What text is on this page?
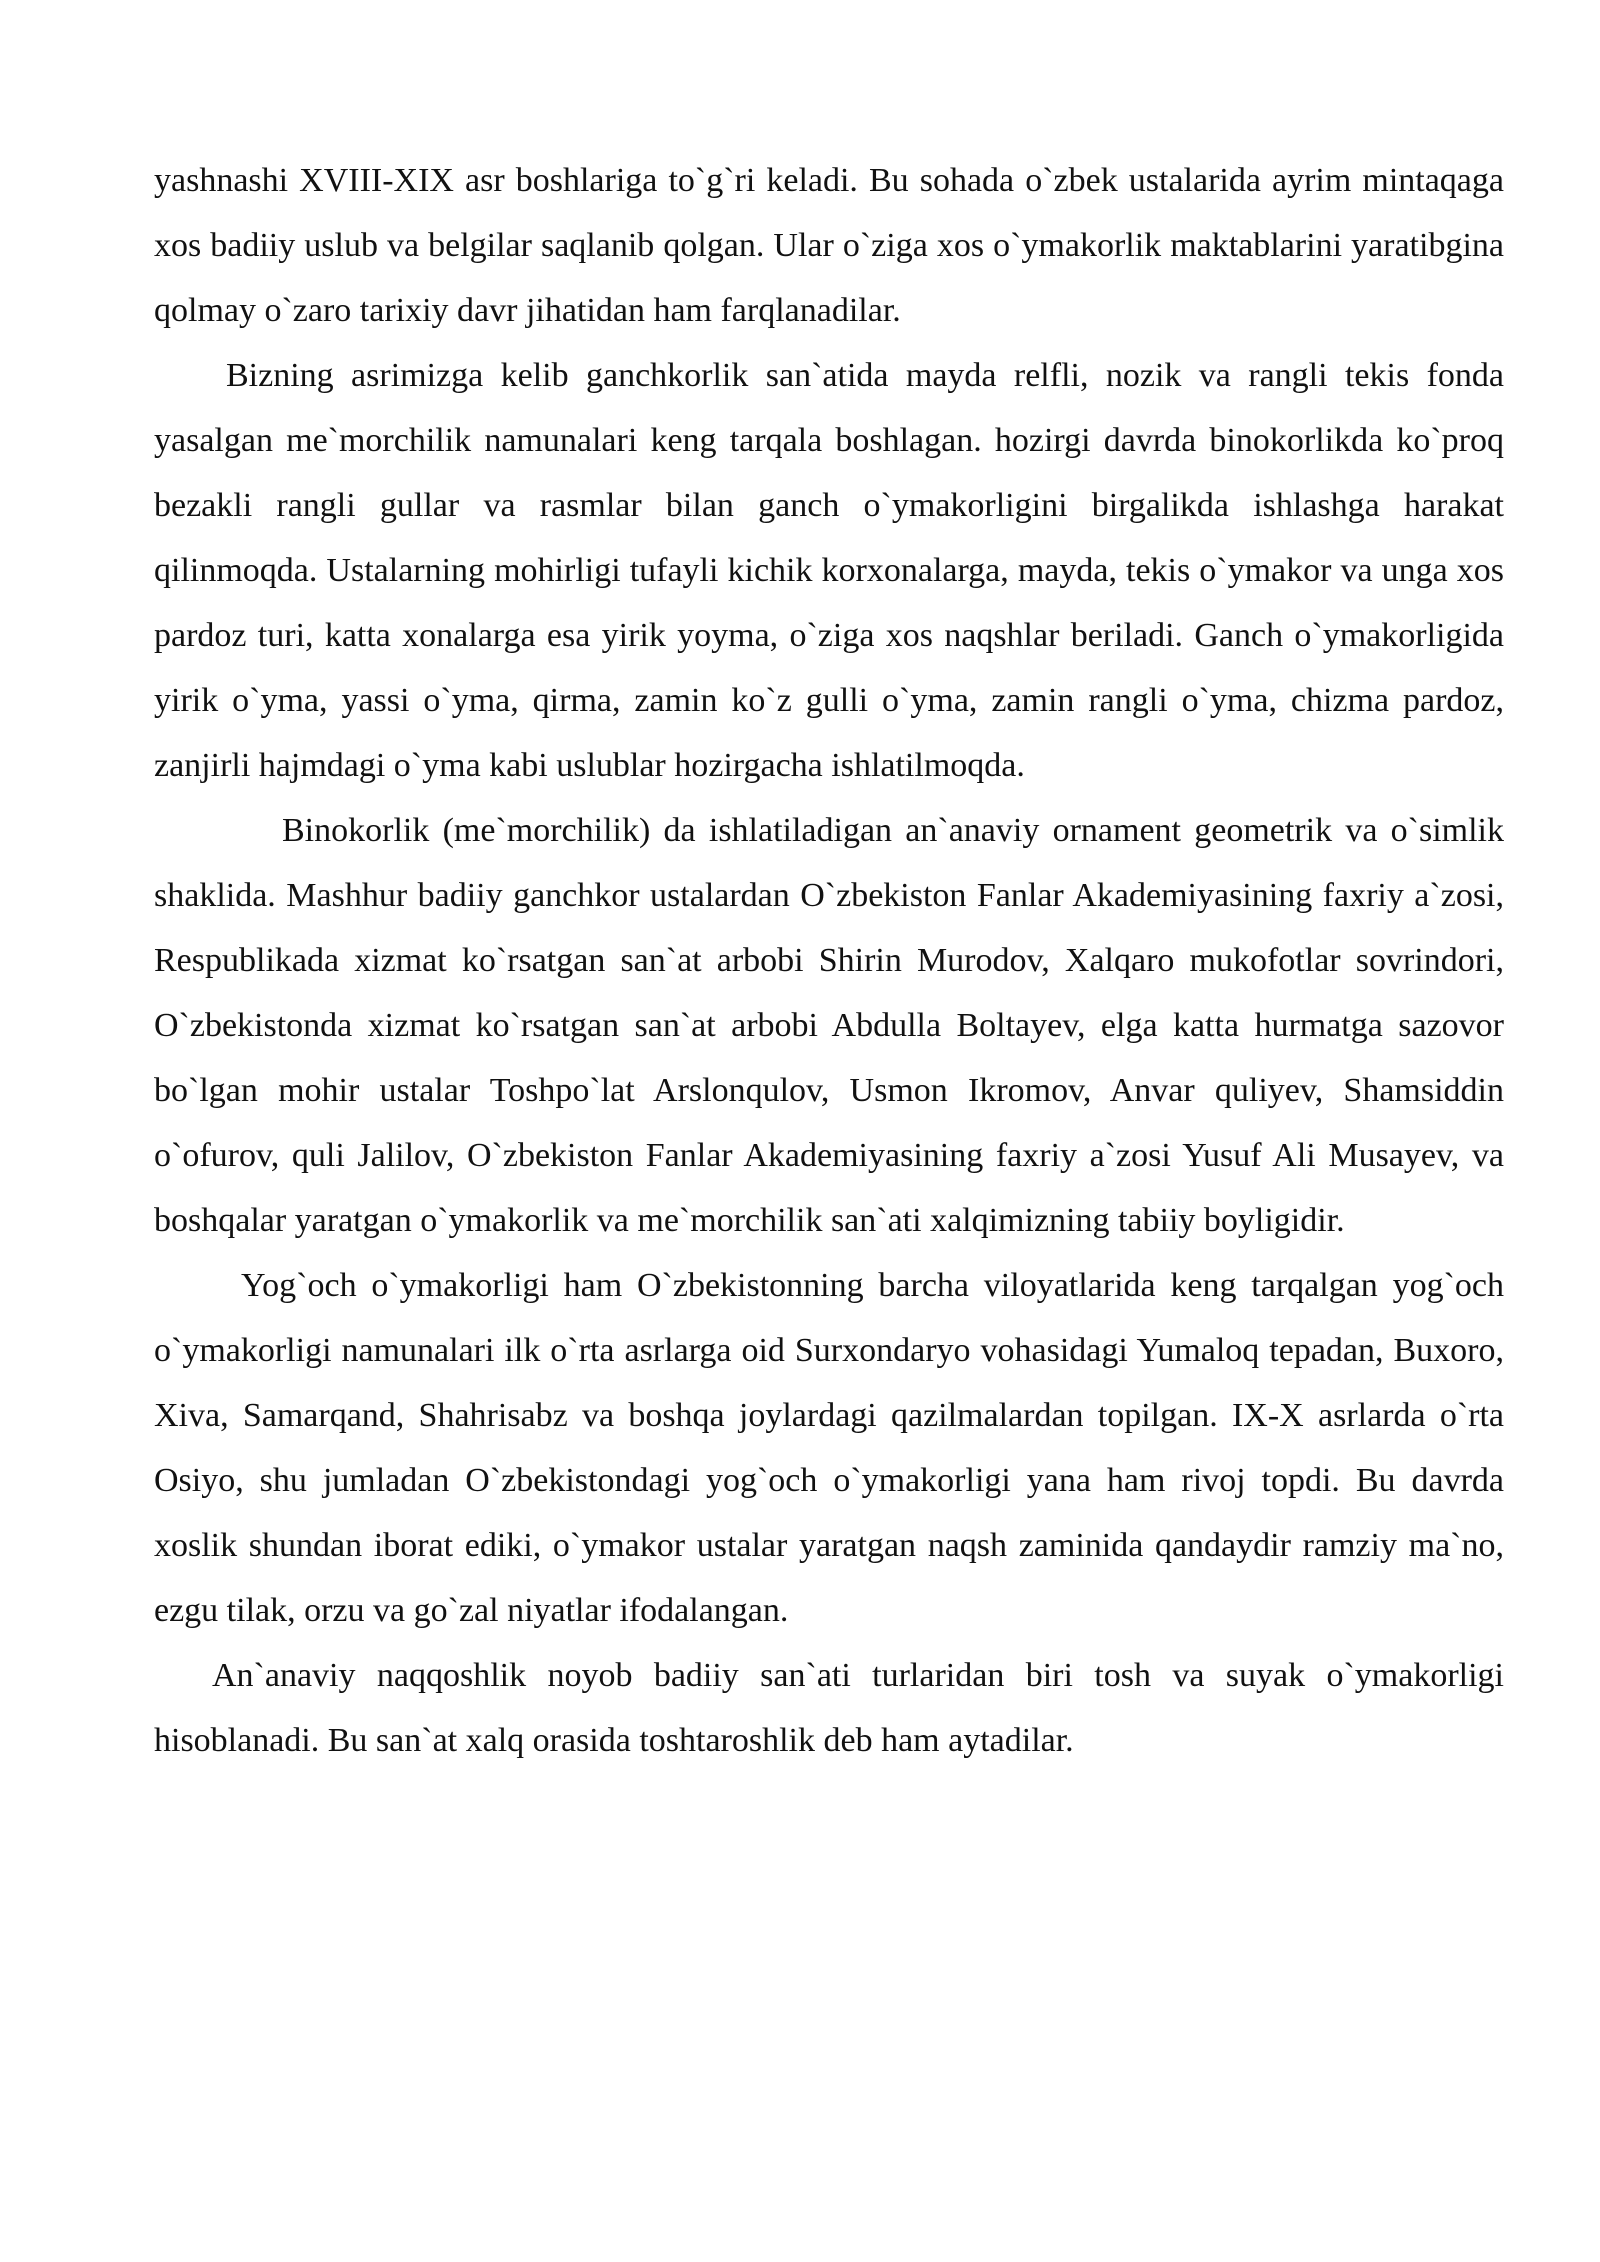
yashnashi XVIII-XIX asr boshlariga to`g`ri keladi. Bu sohada o`zbek ustalarida ayrim mintaqaga xos badiiy uslub va belgilar saqlanib qolgan. Ular o`ziga xos o`ymakorlik maktablarini yaratibgina qolmay o`zaro tarixiy davr jihatidan ham farqlanadilar.

Bizning asrimizga kelib ganchkorlik san`atida mayda relfli, nozik va rangli tekis fonda yasalgan me`morchilik namunalari keng tarqala boshlagan. hozirgi davrda binokorlikda ko`proq bezakli rangli gullar va rasmlar bilan ganch o`ymakorligini birgalikda ishlashga harakat qilinmoqda. Ustalarning mohirligi tufayli kichik korxonalarga, mayda, tekis o`ymakor va unga xos pardoz turi, katta xonalarga esa yirik yoyma, o`ziga xos naqshlar beriladi. Ganch o`ymakorligida yirik o`yma, yassi o`yma, qirma, zamin ko`z gulli o`yma, zamin rangli o`yma, chizma pardoz, zanjirli hajmdagi o`yma kabi uslublar hozirgacha ishlatilmoqda.

Binokorlik (me`morchilik) da ishlatiladigan an`anaviy ornament geometrik va o`simlik shaklida. Mashhur badiiy ganchkor ustalardan O`zbekiston Fanlar Akademiyasining faxriy a`zosi, Respublikada xizmat ko`rsatgan san`at arbobi Shirin Murodov, Xalqaro mukofotlar sovrindori, O`zbekistonda xizmat ko`rsatgan san`at arbobi Abdulla Boltayev, elga katta hurmatga sazovor bo`lgan mohir ustalar Toshpo`lat Arslonqulov, Usmon Ikromov, Anvar quliyev, Shamsiddin o`ofurov, quli Jalilov, O`zbekiston Fanlar Akademiyasining faxriy a`zosi Yusuf Ali Musayev, va boshqalar yaratgan o`ymakorlik va me`morchilik san`ati xalqimizning tabiiy boyligidir.

Yog`och o`ymakorligi ham O`zbekistonning barcha viloyatlarida keng tarqalgan yog`och o`ymakorligi namunalari ilk o`rta asrlarga oid Surxondaryo vohasidagi Yumaloq tepadan, Buxoro, Xiva, Samarqand, Shahrisabz va boshqa joylardagi qazilmalardan topilgan. IX-X asrlarda o`rta Osiyo, shu jumladan O`zbekistondagi yog`och o`ymakorligi yana ham rivoj topdi. Bu davrda xoslik shundan iborat ediki, o`ymakor ustalar yaratgan naqsh zaminida qandaydir ramziy ma`no, ezgu tilak, orzu va go`zal niyatlar ifodalangan.

An`anaviy naqqoshlik noyob badiiy san`ati turlaridan biri tosh va suyak o`ymakorligi hisoblanadi. Bu san`at xalq orasida toshtaroshlik deb ham aytadilar.
